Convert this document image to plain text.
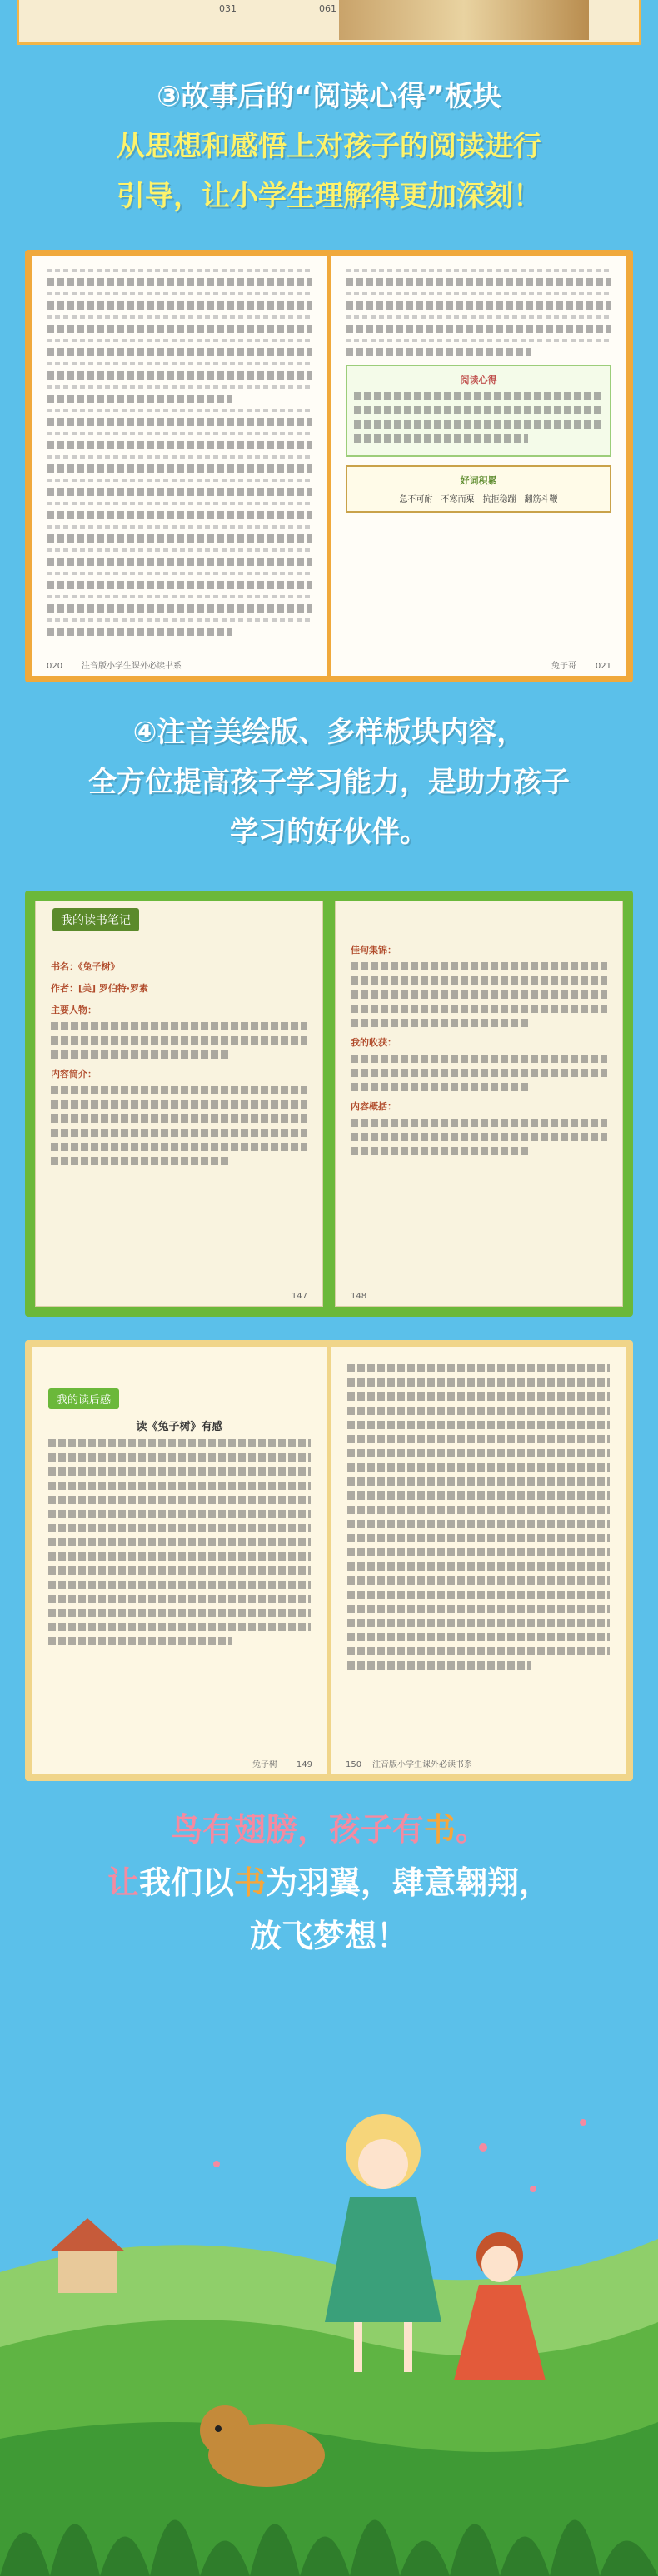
031	061
③故事后的“阅读心得”板块
从思想和感悟上对孩子的阅读进行
引导，让小学生理解得更加深刻！
020 注音版小学生课外必读书系
阅读心得
好词积累
急不可耐 不寒而栗 抗拒稳蹦 翻筋斗鞭
兔子哥 021
④注音美绘版、多样板块内容，
全方位提高孩子学习能力，是助力孩子
学习的好伙伴。
我的读书笔记
书名：《兔子树》
作者：[美] 罗伯特·罗素
主要人物：
内容简介：
147
佳句集锦：
我的收获：
内容概括：
148
我的读后感
读《兔子树》有感
兔子树 149	150 注音版小学生课外必读书系
鸟有翅膀，孩子有书。
让我们以书为羽翼，肆意翱翔，
放飞梦想！
